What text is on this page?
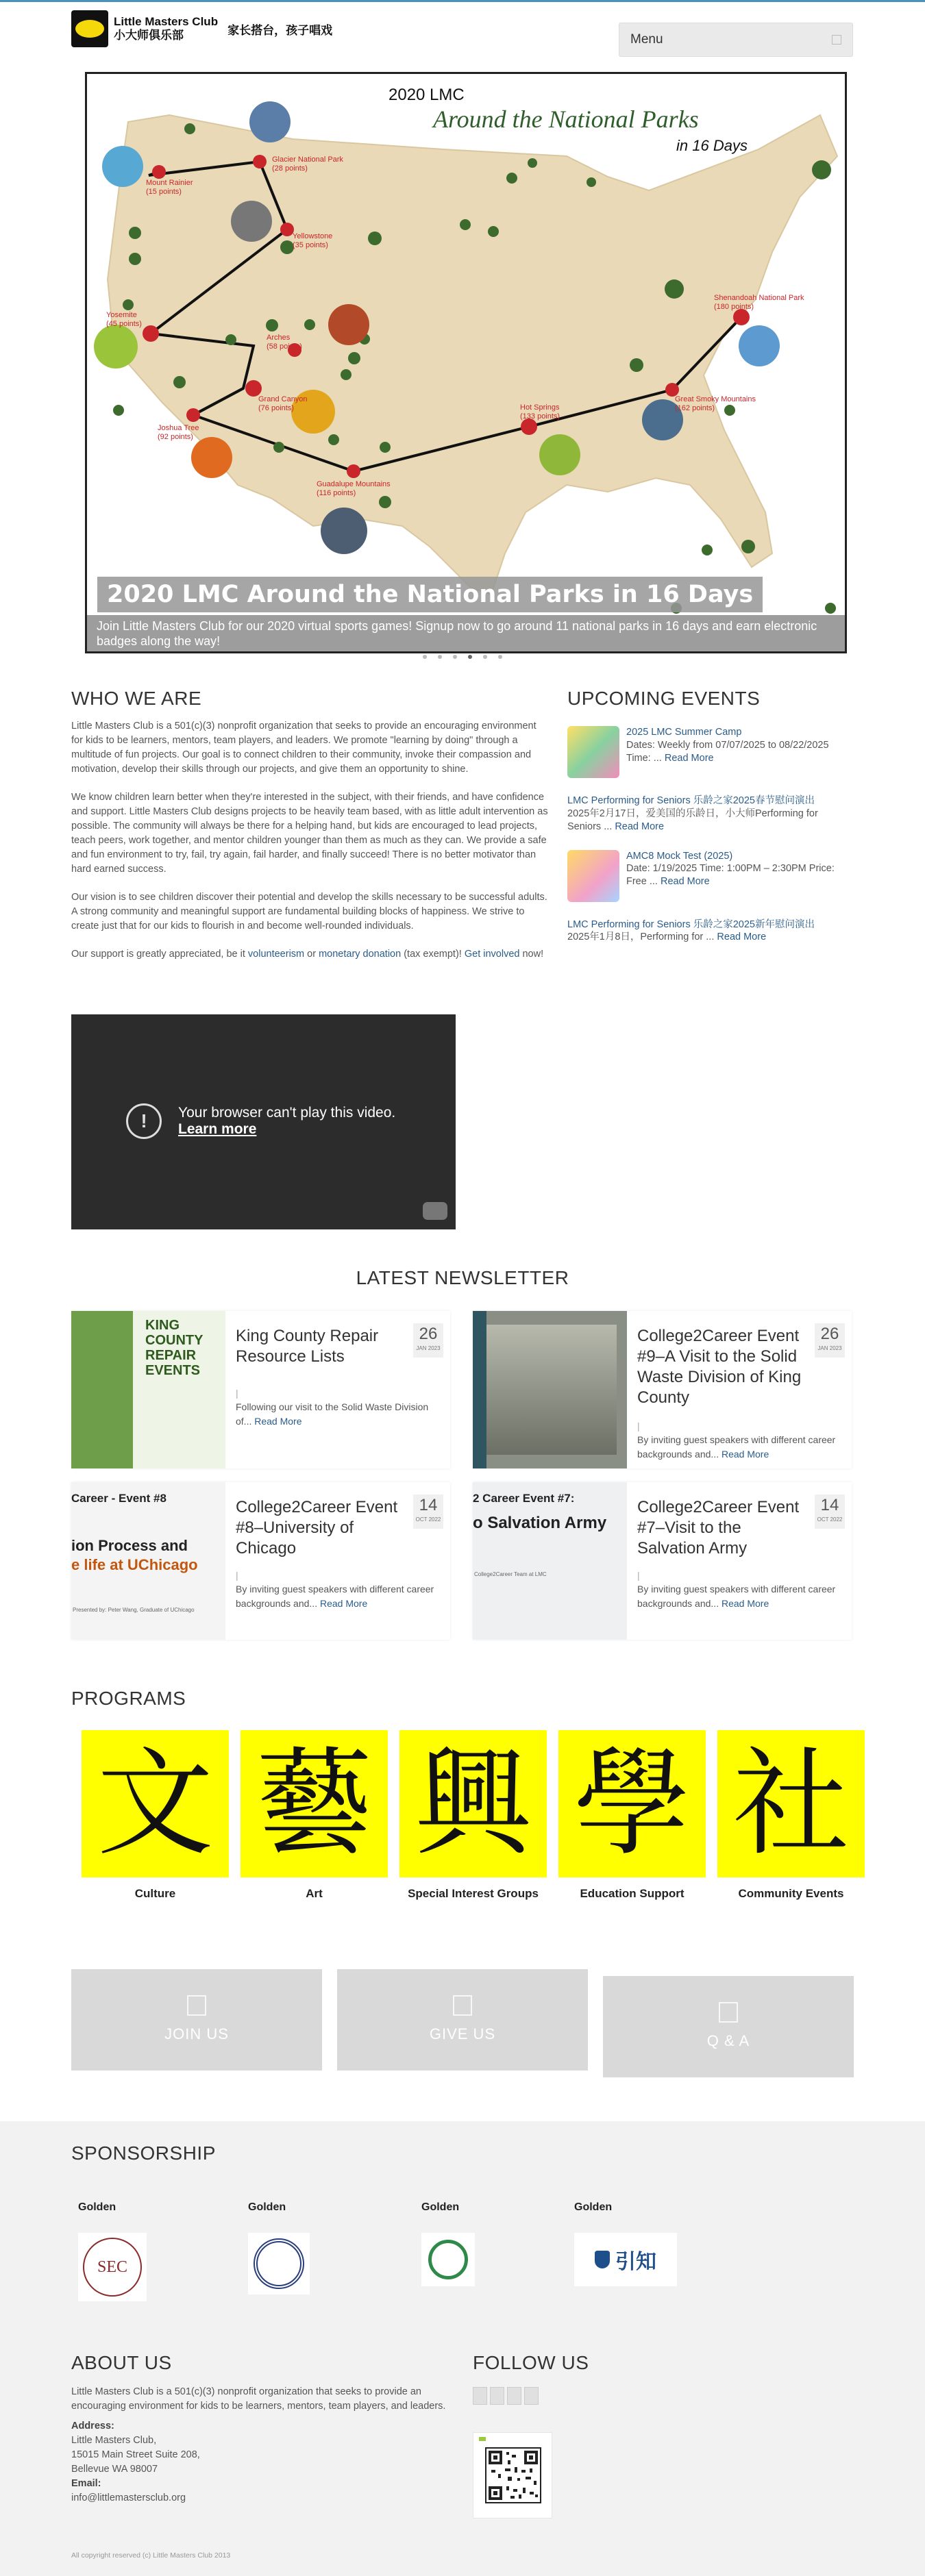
Little Masters Club
小大师俱乐部	家长搭台，孩子唱戏
Menu
2020 LMC
Around the National Parks
in 16 Days
Glacier National Park
(28 points)
Mount Rainier
(15 points)
Yellowstone
(35 points)
Yosemite
(45 points)
Arches
(58 points)
Grand Canyon
(76 points)
Joshua Tree
(92 points)
Guadalupe Mountains
(116 points)
Hot Springs
(133 points)
Great Smoky Mountains
(162 points)
Shenandoah National Park
(180 points)
2020 LMC Around the National Parks in 16 Days
Join Little Masters Club for our 2020 virtual sports games! Signup now to go around 11 national parks in 16 days and earn electronic badges along the way!
WHO WE ARE

Little Masters Club is a 501(c)(3) nonprofit organization that seeks to provide an encouraging environment for kids to be learners, mentors, team players, and leaders. We promote "learning by doing" through a multitude of fun projects. Our goal is to connect children to their community, invoke their compassion and motivation, develop their skills through our projects, and give them an opportunity to shine.

We know children learn better when they're interested in the subject, with their friends, and have confidence and support. Little Masters Club designs projects to be heavily team based, with as little adult intervention as possible. The community will always be there for a helping hand, but kids are encouraged to lead projects, teach peers, work together, and mentor children younger than them as much as they can. We provide a safe and fun environment to try, fail, try again, fail harder, and finally succeed! There is no better motivator than hard earned success.

Our vision is to see children discover their potential and develop the skills necessary to be successful adults. A strong community and meaningful support are fundamental building blocks of happiness. We strive to create just that for our kids to flourish in and become well-rounded individuals.

Our support is greatly appreciated, be it volunteerism or monetary donation (tax exempt)! Get involved now!

!	Your browser can't play this video.
Learn more
UPCOMING EVENTS
2025 LMC Summer Camp
Dates: Weekly from 07/07/2025 to 08/22/2025 Time: ... Read More
LMC Performing for Seniors 乐龄之家2025春节慰问演出
2025年2月17日，爱美国的乐龄日，小大师Performing for Seniors ... Read More
AMC8 Mock Test (2025)
Date: 1/19/2025 Time: 1:00PM – 2:30PM Price: Free ... Read More
LMC Performing for Seniors 乐龄之家2025新年慰问演出
2025年1月8日，Performing for ... Read More
LATEST NEWSLETTER
KING COUNTY REPAIR EVENTS
King County Repair Resource Lists
26
JAN 2023
|
Following our visit to the Solid Waste Division of... Read More
College2Career Event #9–A Visit to the Solid Waste Division of King County
26
JAN 2023
|
By inviting guest speakers with different career backgrounds and... Read More
Career - Event #8
ion Process and
e life at UChicago
Presented by: Peter Wang, Graduate of UChicago
College2Career Event #8–University of Chicago
14
OCT 2022
|
By inviting guest speakers with different career backgrounds and... Read More
2 Career Event #7:
o Salvation Army
College2Career Team at LMC
College2Career Event #7–Visit to the Salvation Army
14
OCT 2022
|
By inviting guest speakers with different career backgrounds and... Read More
PROGRAMS
文
Culture
藝
Art
興
Special Interest Groups
學
Education Support
社
Community Events
JOIN US	GIVE US	Q & A
SPONSORSHIP
Golden
SEC
Golden	Golden	Golden
引知
ABOUT US
Little Masters Club is a 501(c)(3) nonprofit organization that seeks to provide an encouraging environment for kids to be learners, mentors, team players, and leaders.
Address:
Little Masters Club,
15015 Main Street Suite 208,
Bellevue WA 98007
Email:
info@littlemastersclub.org
FOLLOW US
All copyright reserved (c) Little Masters Club 2013
